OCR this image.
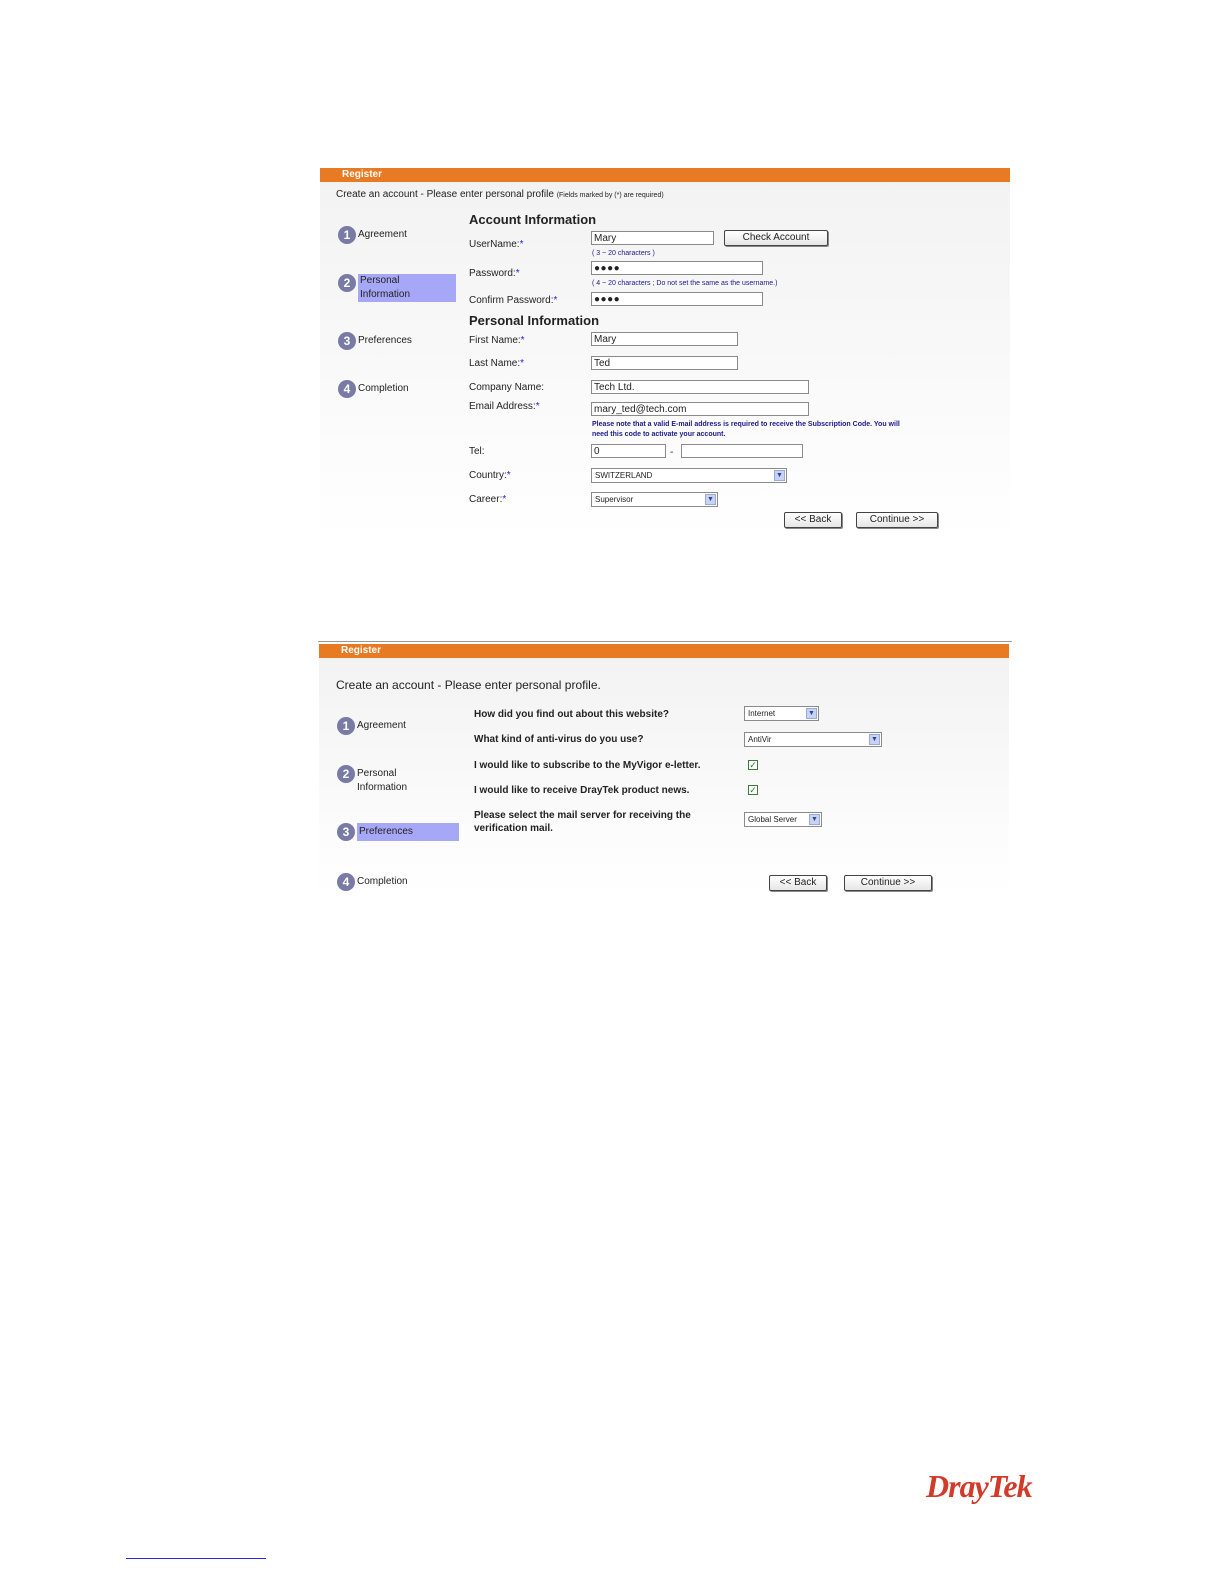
Register
Create an account - Please enter personal profile (Fields marked by (*) are required)
1 Agreement
2 Personal Information
3 Preferences
4 Completion
Account Information
UserName:*
Mary
( 3 ~ 20 characters )
Check Account
Password:*	●●●●
( 4 ~ 20 characters ; Do not set the same as the username.)
Confirm Password:*	●●●●
Personal Information
First Name:*	Mary
Last Name:*	Ted
Company Name:	Tech Ltd.
Email Address:*	mary_ted@tech.com
Please note that a valid E-mail address is required to receive the Subscription Code. You will
need this code to activate your account.
Tel:	0	-
Country:*	SWITZERLAND	▼
Career:*	Supervisor	▼
<< Back	Continue >>
Register
Create an account - Please enter personal profile.
1 Agreement
2 Personal Information
3 Preferences
4 Completion
How did you find out about this website?	Internet	▼
What kind of anti-virus do you use?	AntiVir	▼
I would like to subscribe to the MyVigor e-letter.	✓
I would like to receive DrayTek product news.	✓
Please select the mail server for receiving the
verification mail.
Global Server ▼
<< Back	Continue >>
DrayTek
